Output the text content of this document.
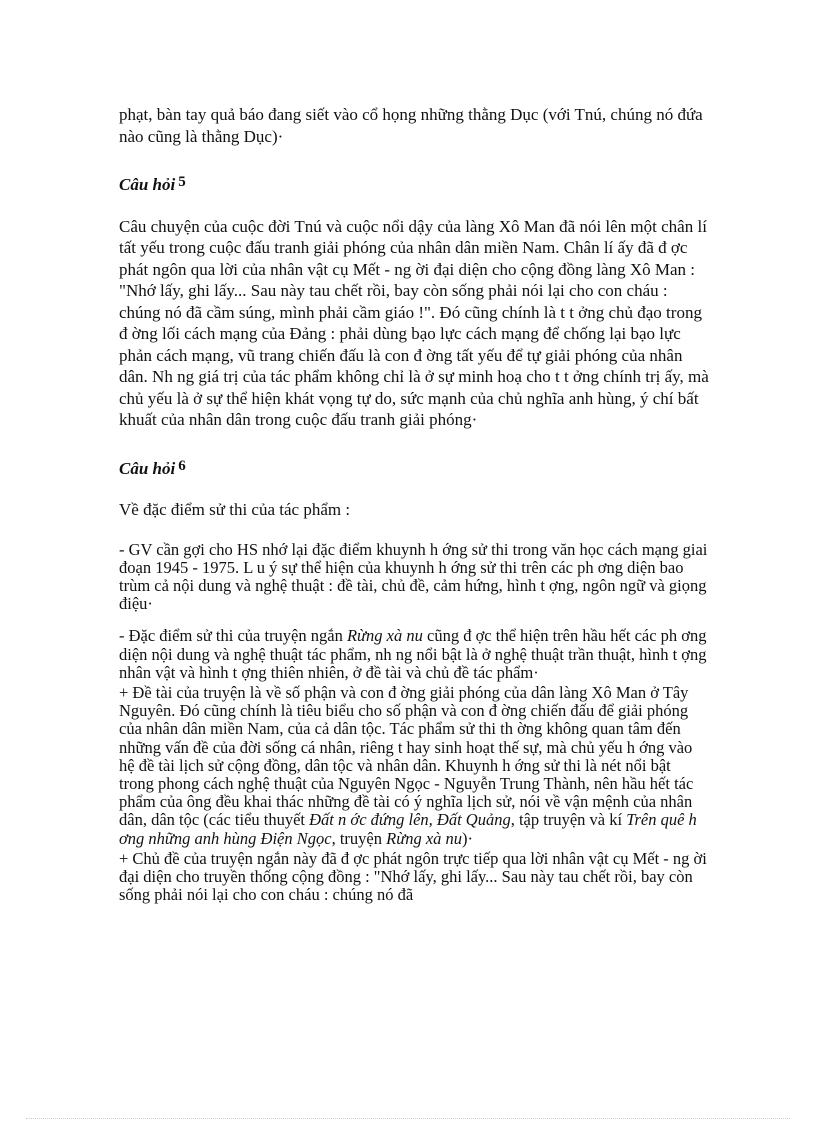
phạt, bàn tay quả báo đang siết vào cổ họng những thằng Dục (với Tnú, chúng nó đứa nào cũng là thằng Dục)·

Câu hỏi 5

Câu chuyện của cuộc đời Tnú và cuộc nổi dậy của làng Xô Man đã nói lên một chân lí tất yếu trong cuộc đấu tranh giải phóng của nhân dân miền Nam. Chân lí ấy đã đ ợc phát ngôn qua lời của nhân vật cụ Mết - ng ời đại diện cho cộng đồng làng Xô Man : "Nhớ lấy, ghi lấy... Sau này tau chết rồi, bay còn sống phải nói lại cho con cháu : chúng nó đã cầm súng, mình phải cầm giáo !". Đó cũng chính là t t ởng chủ đạo trong đ ờng lối cách mạng của Đảng : phải dùng bạo lực cách mạng để chống lại bạo lực phản cách mạng, vũ trang chiến đấu là con đ ờng tất yếu để tự giải phóng của nhân dân. Nh ng giá trị của tác phẩm không chỉ là ở sự minh hoạ cho t t ởng chính trị ấy, mà chủ yếu là ở sự thể hiện khát vọng tự do, sức mạnh của chủ nghĩa anh hùng, ý chí bất khuất của nhân dân trong cuộc đấu tranh giải phóng·

Câu hỏi 6

Về đặc điểm sử thi của tác phẩm :

- GV cần gợi cho HS nhớ lại đặc điểm khuynh h ớng sử thi trong văn học cách mạng giai đoạn 1945 - 1975. L u ý sự thể hiện của khuynh h ớng sử thi trên các ph ơng diện bao trùm cả nội dung và nghệ thuật : đề tài, chủ đề, cảm hứng, hình t ợng, ngôn ngữ và giọng điệu·

- Đặc điểm sử thi của truyện ngắn Rừng xà nu cũng đ ợc thể hiện trên hầu hết các ph ơng diện nội dung và nghệ thuật tác phẩm, nh ng nổi bật là ở nghệ thuật trần thuật, hình t ợng nhân vật và hình t ợng thiên nhiên, ở đề tài và chủ đề tác phẩm·

+ Đề tài của truyện là về số phận và con đ ờng giải phóng của dân làng Xô Man ở Tây Nguyên. Đó cũng chính là tiêu biểu cho số phận và con đ ờng chiến đấu để giải phóng của nhân dân miền Nam, của cả dân tộc. Tác phẩm sử thi th ờng không quan tâm đến những vấn đề của đời sống cá nhân, riêng t hay sinh hoạt thế sự, mà chủ yếu h ớng vào hệ đề tài lịch sử cộng đồng, dân tộc và nhân dân. Khuynh h ớng sử thi là nét nổi bật trong phong cách nghệ thuật của Nguyên Ngọc - Nguyễn Trung Thành, nên hầu hết tác phẩm của ông đều khai thác những đề tài có ý nghĩa lịch sử, nói về vận mệnh của nhân dân, dân tộc (các tiểu thuyết Đất n ớc đứng lên, Đất Quảng, tập truyện và kí Trên quê h ơng những anh hùng Điện Ngọc, truyện Rừng xà nu)·

+ Chủ đề của truyện ngắn này đã đ ợc phát ngôn trực tiếp qua lời nhân vật cụ Mết - ng ời đại diện cho truyền thống cộng đồng : "Nhớ lấy, ghi lấy... Sau này tau chết rồi, bay còn sống phải nói lại cho con cháu : chúng nó đã
